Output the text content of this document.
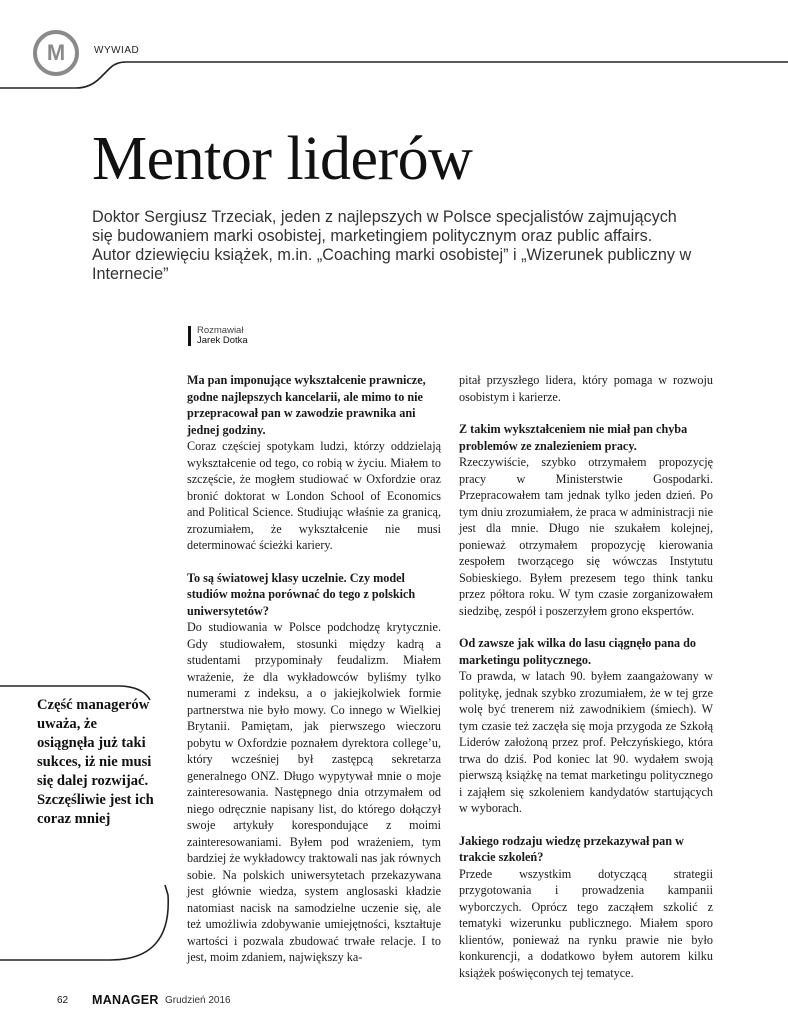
M	WYWIAD
Mentor liderów

Doktor Sergiusz Trzeciak, jeden z najlepszych w Polsce specjalistów zajmujących się budowaniem marki osobistej, marketingiem politycznym oraz public affairs. Autor dziewięciu książek, m.in. „Coaching marki osobistej” i „Wizerunek publiczny w Internecie”

Rozmawiał
Jarek Dotka
Ma pan imponujące wykształcenie prawnicze, godne najlepszych kancelarii, ale mimo to nie przepracował pan w zawodzie prawnika ani jednej godziny.
Coraz częściej spotykam ludzi, którzy oddzielają wykształcenie od tego, co robią w życiu. Miałem to szczęście, że mogłem studiować w Oxfordzie oraz bronić doktorat w London School of Economics and Political Science. Studiując właśnie za granicą, zrozumiałem, że wykształcenie nie musi determinować ścieżki kariery.
To są światowej klasy uczelnie. Czy model studiów można porównać do tego z polskich uniwersytetów?
Do studiowania w Polsce podchodzę krytycznie. Gdy studiowałem, stosunki między kadrą a studentami przypominały feudalizm. Miałem wrażenie, że dla wykładowców byliśmy tylko numerami z indeksu, a o jakiejkolwiek formie partnerstwa nie było mowy. Co innego w Wielkiej Brytanii. Pamiętam, jak pierwszego wieczoru pobytu w Oxfordzie poznałem dyrektora college’u, który wcześniej był zastępcą sekretarza generalnego ONZ. Długo wypytywał mnie o moje zainteresowania. Następnego dnia otrzymałem od niego odręcznie napisany list, do którego dołączył swoje artykuły korespondujące z moimi zainteresowaniami. Byłem pod wrażeniem, tym bardziej że wykładowcy traktowali nas jak równych sobie. Na polskich uniwersytetach przekazywana jest głównie wiedza, system anglosaski kładzie natomiast nacisk na samodzielne uczenie się, ale też umożliwia zdobywanie umiejętności, kształtuje wartości i pozwala zbudować trwałe relacje. I to jest, moim zdaniem, największy ka-
pitał przyszłego lidera, który pomaga w rozwoju osobistym i karierze.
Z takim wykształceniem nie miał pan chyba problemów ze znalezieniem pracy.
Rzeczywiście, szybko otrzymałem propozycję pracy w Ministerstwie Gospodarki. Przepracowałem tam jednak tylko jeden dzień. Po tym dniu zrozumiałem, że praca w administracji nie jest dla mnie. Długo nie szukałem kolejnej, ponieważ otrzymałem propozycję kierowania zespołem tworzącego się wówczas Instytutu Sobieskiego. Byłem prezesem tego think tanku przez półtora roku. W tym czasie zorganizowałem siedzibę, zespół i poszerzyłem grono ekspertów.
Od zawsze jak wilka do lasu ciągnęło pana do marketingu politycznego.
To prawda, w latach 90. byłem zaangażowany w politykę, jednak szybko zrozumiałem, że w tej grze wolę być trenerem niż zawodnikiem (śmiech). W tym czasie też zaczęła się moja przygoda ze Szkołą Liderów założoną przez prof. Pełczyńskiego, która trwa do dziś. Pod koniec lat 90. wydałem swoją pierwszą książkę na temat marketingu politycznego i zająłem się szkoleniem kandydatów startujących w wyborach.
Jakiego rodzaju wiedzę przekazywał pan w trakcie szkoleń?
Przede wszystkim dotyczącą strategii przygotowania i prowadzenia kampanii wyborczych. Oprócz tego zacząłem szkolić z tematyki wizerunku publicznego. Miałem sporo klientów, ponieważ na rynku prawie nie było konkurencji, a dodatkowo byłem autorem kilku książek poświęconych tej tematyce.
Część managerów uważa, że osiągnęła już taki sukces, iż nie musi się dalej rozwijać. Szczęśliwie jest ich coraz mniej
62 MANAGER Grudzień 2016
